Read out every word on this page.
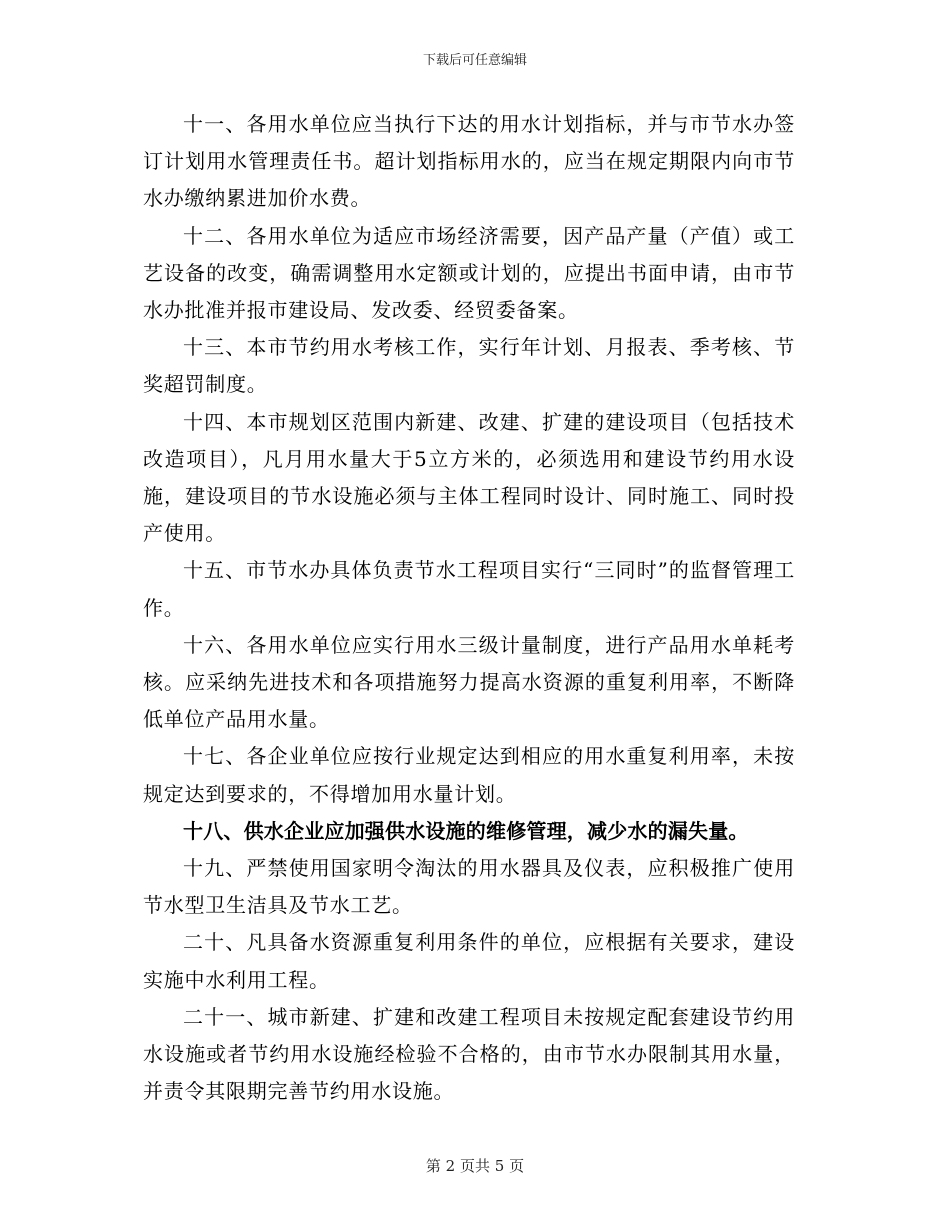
下载后可任意编辑

十一、各用水单位应当执行下达的用水计划指标，并与市节水办签订计划用水管理责任书。超计划指标用水的，应当在规定期限内向市节水办缴纳累进加价水费。

十二、各用水单位为适应市场经济需要，因产品产量（产值）或工艺设备的改变，确需调整用水定额或计划的，应提出书面申请，由市节水办批准并报市建设局、发改委、经贸委备案。

十三、本市节约用水考核工作，实行年计划、月报表、季考核、节奖超罚制度。

十四、本市规划区范围内新建、改建、扩建的建设项目（包括技术改造项目），凡月用水量大于5立方米的，必须选用和建设节约用水设施，建设项目的节水设施必须与主体工程同时设计、同时施工、同时投产使用。

十五、市节水办具体负责节水工程项目实行“三同时”的监督管理工作。

十六、各用水单位应实行用水三级计量制度，进行产品用水单耗考核。应采纳先进技术和各项措施努力提高水资源的重复利用率，不断降低单位产品用水量。

十七、各企业单位应按行业规定达到相应的用水重复利用率，未按规定达到要求的，不得增加用水量计划。

十八、供水企业应加强供水设施的维修管理，减少水的漏失量。

十九、严禁使用国家明令淘汰的用水器具及仪表，应积极推广使用节水型卫生洁具及节水工艺。

二十、凡具备水资源重复利用条件的单位，应根据有关要求，建设实施中水利用工程。

二十一、城市新建、扩建和改建工程项目未按规定配套建设节约用水设施或者节约用水设施经检验不合格的，由市节水办限制其用水量，并责令其限期完善节约用水设施。

第 2 页共 5 页
